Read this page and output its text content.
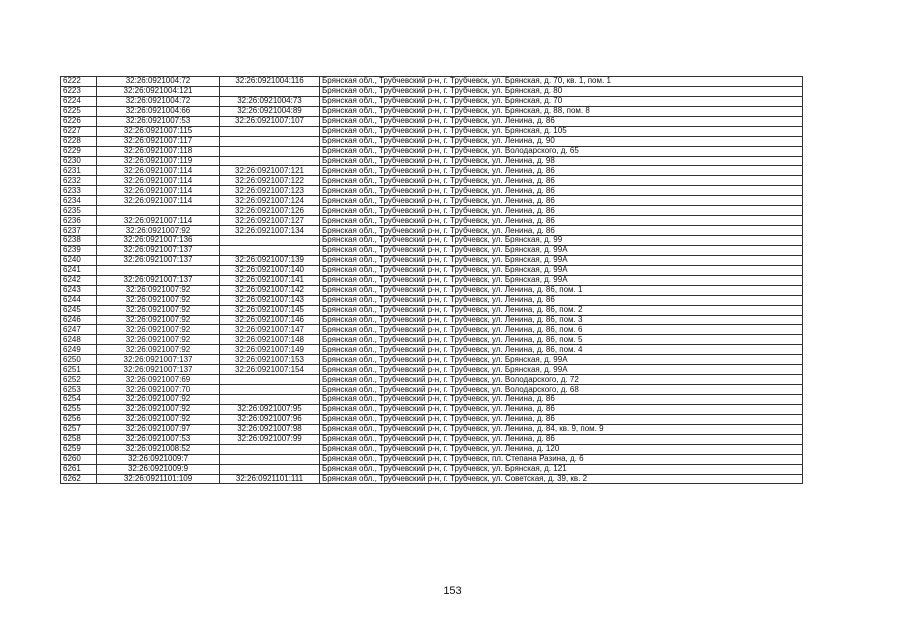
6222	32:26:0921004:72	32:26:0921004:116	Брянская обл., Трубчевский р-н, г. Трубчевск, ул. Брянская, д. 70, кв. 1, пом. 1
6223	32:26:0921004:121		Брянская обл., Трубчевский р-н, г. Трубчевск, ул. Брянская, д. 80
6224	32:26:0921004:72	32:26:0921004:73	Брянская обл., Трубчевский р-н, г. Трубчевск, ул. Брянская, д. 70
6225	32:26:0921004:66	32:26:0921004:89	Брянская обл., Трубчевский р-н, г. Трубчевск, ул. Брянская, д. 88, пом. 8
6226	32:26:0921007:53	32:26:0921007:107	Брянская обл., Трубчевский р-н, г. Трубчевск, ул. Ленина, д. 86
6227	32:26:0921007:115		Брянская обл., Трубчевский р-н, г. Трубчевск, ул. Брянская, д. 105
6228	32:26:0921007:117		Брянская обл., Трубчевский р-н, г. Трубчевск, ул. Ленина, д. 90
6229	32:26:0921007:118		Брянская обл., Трубчевский р-н, г. Трубчевск, ул. Володарского, д. 65
6230	32:26:0921007:119		Брянская обл., Трубчевский р-н, г. Трубчевск, ул. Ленина, д. 98
6231	32:26:0921007:114	32:26:0921007:121	Брянская обл., Трубчевский р-н, г. Трубчевск, ул. Ленина, д. 86
6232	32:26:0921007:114	32:26:0921007:122	Брянская обл., Трубчевский р-н, г. Трубчевск, ул. Ленина, д. 86
6233	32:26:0921007:114	32:26:0921007:123	Брянская обл., Трубчевский р-н, г. Трубчевск, ул. Ленина, д. 86
6234	32:26:0921007:114	32:26:0921007:124	Брянская обл., Трубчевский р-н, г. Трубчевск, ул. Ленина, д. 86
6235		32:26:0921007:126	Брянская обл., Трубчевский р-н, г. Трубчевск, ул. Ленина, д. 86
6236	32:26:0921007:114	32:26:0921007:127	Брянская обл., Трубчевский р-н, г. Трубчевск, ул. Ленина, д. 86
6237	32:26:0921007:92	32:26:0921007:134	Брянская обл., Трубчевский р-н, г. Трубчевск, ул. Ленина, д. 86
6238	32:26:0921007:136		Брянская обл., Трубчевский р-н, г. Трубчевск, ул. Брянская, д. 99
6239	32:26:0921007:137		Брянская обл., Трубчевский р-н, г. Трубчевск, ул. Брянская, д. 99А
6240	32:26:0921007:137	32:26:0921007:139	Брянская обл., Трубчевский р-н, г. Трубчевск, ул. Брянская, д. 99А
6241		32:26:0921007:140	Брянская обл., Трубчевский р-н, г. Трубчевск, ул. Брянская, д. 99А
6242	32:26:0921007:137	32:26:0921007:141	Брянская обл., Трубчевский р-н, г. Трубчевск, ул. Брянская, д. 99А
6243	32:26:0921007:92	32:26:0921007:142	Брянская обл., Трубчевский р-н, г. Трубчевск, ул. Ленина, д. 86, пом. 1
6244	32:26:0921007:92	32:26:0921007:143	Брянская обл., Трубчевский р-н, г. Трубчевск, ул. Ленина, д. 86
6245	32:26:0921007:92	32:26:0921007:145	Брянская обл., Трубчевский р-н, г. Трубчевск, ул. Ленина, д. 86, пом. 2
6246	32:26:0921007:92	32:26:0921007:146	Брянская обл., Трубчевский р-н, г. Трубчевск, ул. Ленина, д. 86, пом. 3
6247	32:26:0921007:92	32:26:0921007:147	Брянская обл., Трубчевский р-н, г. Трубчевск, ул. Ленина, д. 86, пом. 6
6248	32:26:0921007:92	32:26:0921007:148	Брянская обл., Трубчевский р-н, г. Трубчевск, ул. Ленина, д. 86, пом. 5
6249	32:26:0921007:92	32:26:0921007:149	Брянская обл., Трубчевский р-н, г. Трубчевск, ул. Ленина, д. 86, пом. 4
6250	32:26:0921007:137	32:26:0921007:153	Брянская обл., Трубчевский р-н, г. Трубчевск, ул. Брянская, д. 99А
6251	32:26:0921007:137	32:26:0921007:154	Брянская обл., Трубчевский р-н, г. Трубчевск, ул. Брянская, д. 99А
6252	32:26:0921007:69		Брянская обл., Трубчевский р-н, г. Трубчевск, ул. Володарского, д. 72
6253	32:26:0921007:70		Брянская обл., Трубчевский р-н, г. Трубчевск, ул. Володарского, д. 68
6254	32:26:0921007:92		Брянская обл., Трубчевский р-н, г. Трубчевск, ул. Ленина, д. 86
6255	32:26:0921007:92	32:26:0921007:95	Брянская обл., Трубчевский р-н, г. Трубчевск, ул. Ленина, д. 86
6256	32:26:0921007:92	32:26:0921007:96	Брянская обл., Трубчевский р-н, г. Трубчевск, ул. Ленина, д. 86
6257	32:26:0921007:97	32:26:0921007:98	Брянская обл., Трубчевский р-н, г. Трубчевск, ул. Ленина, д. 84, кв. 9, пом. 9
6258	32:26:0921007:53	32:26:0921007:99	Брянская обл., Трубчевский р-н, г. Трубчевск, ул. Ленина, д. 86
6259	32:26:0921008:52		Брянская обл., Трубчевский р-н, г. Трубчевск, ул. Ленина, д. 120
6260	32:26:0921009:7		Брянская обл., Трубчевский р-н, г. Трубчевск, пл. Степана Разина, д. 6
6261	32:26:0921009:9		Брянская обл., Трубчевский р-н, г. Трубчевск, ул. Брянская, д. 121
6262	32:26:0921101:109	32:26:0921101:111	Брянская обл., Трубчевский р-н, г. Трубчевск, ул. Советская, д. 39, кв. 2
153
